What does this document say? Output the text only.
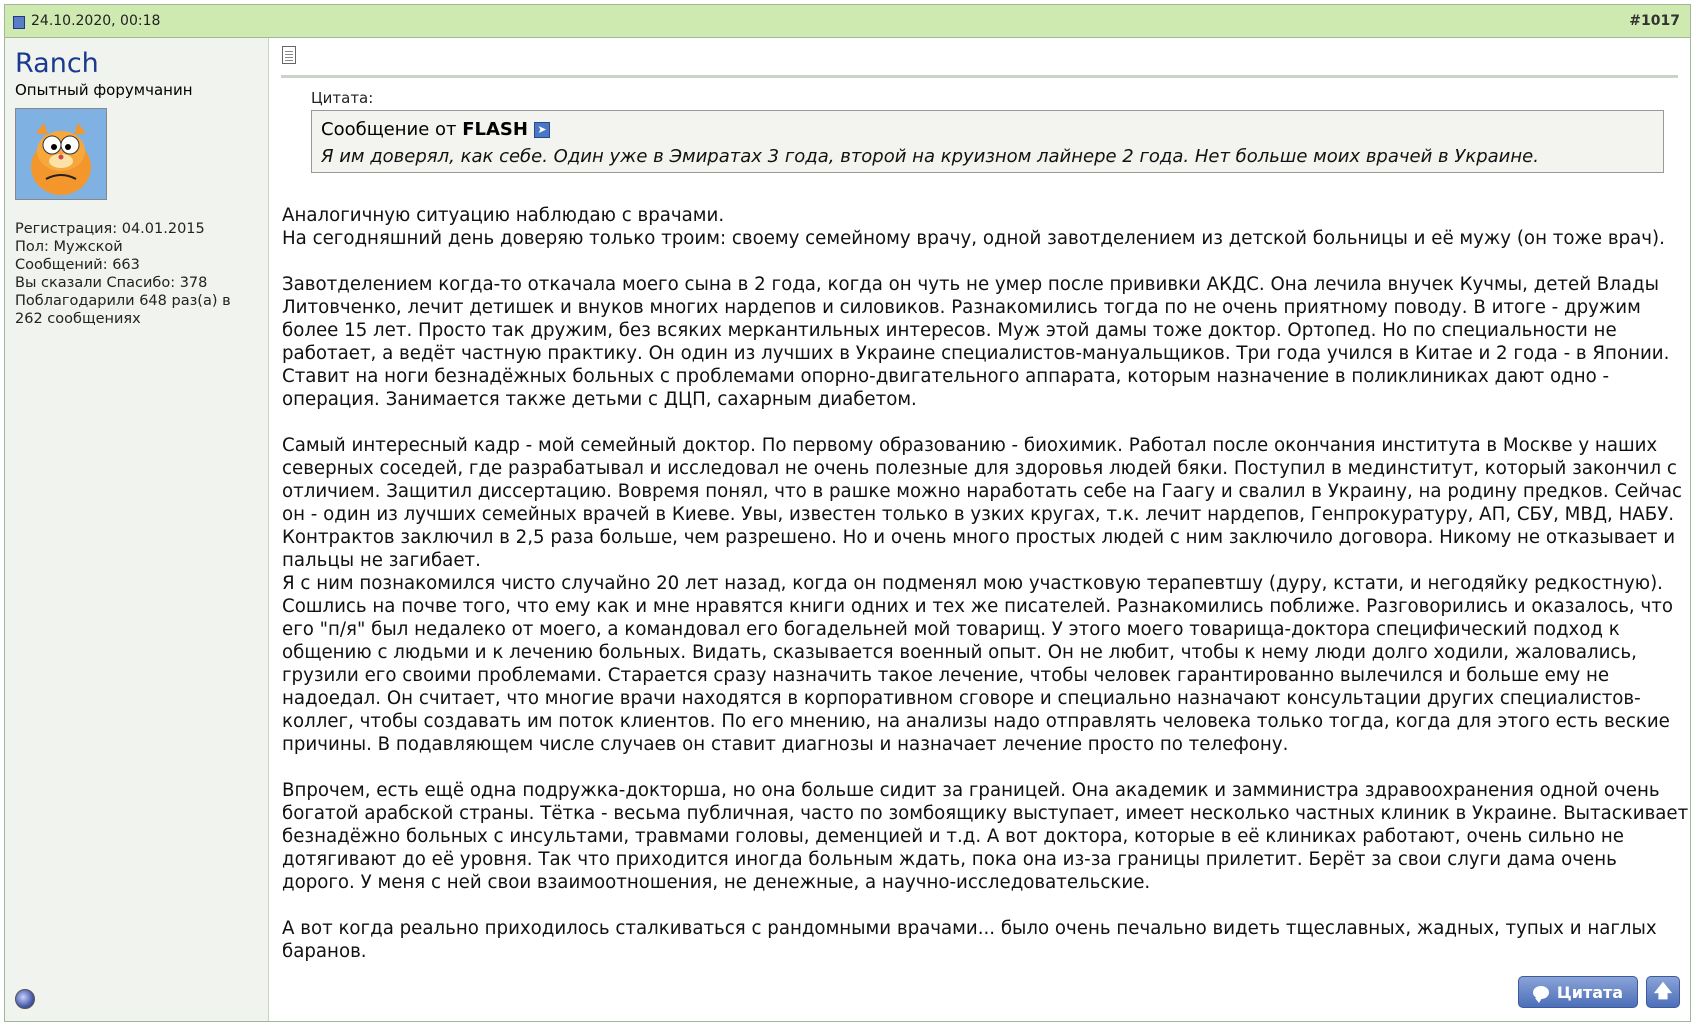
24.10.2020, 00:18	#1017
Ranch
Опытный форумчанин
Регистрация: 04.01.2015
Пол: Мужской
Сообщений: 663
Вы сказали Спасибо: 378
Поблагодарили 648 раз(а) в 262 сообщениях
Цитата:
Сообщение от FLASH ➤
Я им доверял, как себе. Один уже в Эмиратах 3 года, второй на круизном лайнере 2 года. Нет больше моих врачей в Украине.

Аналогичную ситуацию наблюдаю с врачами.
На сегодняшний день доверяю только троим: своему семейному врачу, одной завотделением из детской больницы и её мужу (он тоже врач).

Завотделением когда-то откачала моего сына в 2 года, когда он чуть не умер после прививки АКДС. Она лечила внучек Кучмы, детей Влады Литовченко, лечит детишек и внуков многих нардепов и силовиков. Разнакомились тогда по не очень приятному поводу. В итоге - дружим более 15 лет. Просто так дружим, без всяких меркантильных интересов. Муж этой дамы тоже доктор. Ортопед. Но по специальности не работает, а ведёт частную практику. Он один из лучших в Украине специалистов-мануальщиков. Три года учился в Китае и 2 года - в Японии. Ставит на ноги безнадёжных больных с проблемами опорно-двигательного аппарата, которым назначение в поликлиниках дают одно - операция. Занимается также детьми с ДЦП, сахарным диабетом.

Самый интересный кадр - мой семейный доктор. По первому образованию - биохимик. Работал после окончания института в Москве у наших северных соседей, где разрабатывал и исследовал не очень полезные для здоровья людей бяки. Поступил в мединститут, который закончил с отличием. Защитил диссертацию. Вовремя понял, что в рашке можно наработать себе на Гаагу и свалил в Украину, на родину предков. Сейчас он - один из лучших семейных врачей в Киеве. Увы, известен только в узких кругах, т.к. лечит нардепов, Генпрокуратуру, АП, СБУ, МВД, НАБУ. Контрактов заключил в 2,5 раза больше, чем разрешено. Но и очень много простых людей с ним заключило договора. Никому не отказывает и пальцы не загибает.
Я с ним познакомился чисто случайно 20 лет назад, когда он подменял мою участковую терапевтшу (дуру, кстати, и негодяйку редкостную). Сошлись на почве того, что ему как и мне нравятся книги одних и тех же писателей. Разнакомились поближе. Разговорились и оказалось, что его "п/я" был недалеко от моего, а командовал его богадельней мой товарищ. У этого моего товарища-доктора специфический подход к общению с людьми и к лечению больных. Видать, сказывается военный опыт. Он не любит, чтобы к нему люди долго ходили, жаловались, грузили его своими проблемами. Старается сразу назначить такое лечение, чтобы человек гарантированно вылечился и больше ему не надоедал. Он считает, что многие врачи находятся в корпоративном сговоре и специально назначают консультации других специалистов-коллег, чтобы создавать им поток клиентов. По его мнению, на анализы надо отправлять человека только тогда, когда для этого есть веские причины. В подавляющем числе случаев он ставит диагнозы и назначает лечение просто по телефону.

Впрочем, есть ещё одна подружка-докторша, но она больше сидит за границей. Она академик и замминистра здравоохранения одной очень богатой арабской страны. Тётка - весьма публичная, часто по зомбоящику выступает, имеет несколько частных клиник в Украине. Вытаскивает безнадёжно больных с инсультами, травмами головы, деменцией и т.д. А вот доктора, которые в её клиниках работают, очень сильно не дотягивают до её уровня. Так что приходится иногда больным ждать, пока она из-за границы прилетит. Берёт за свои слуги дама очень дорого. У меня с ней свои взаимоотношения, не денежные, а научно-исследовательские.

А вот когда реально приходилось сталкиваться с рандомными врачами... было очень печально видеть тщеславных, жадных, тупых и наглых баранов.

Цитата	🡅
